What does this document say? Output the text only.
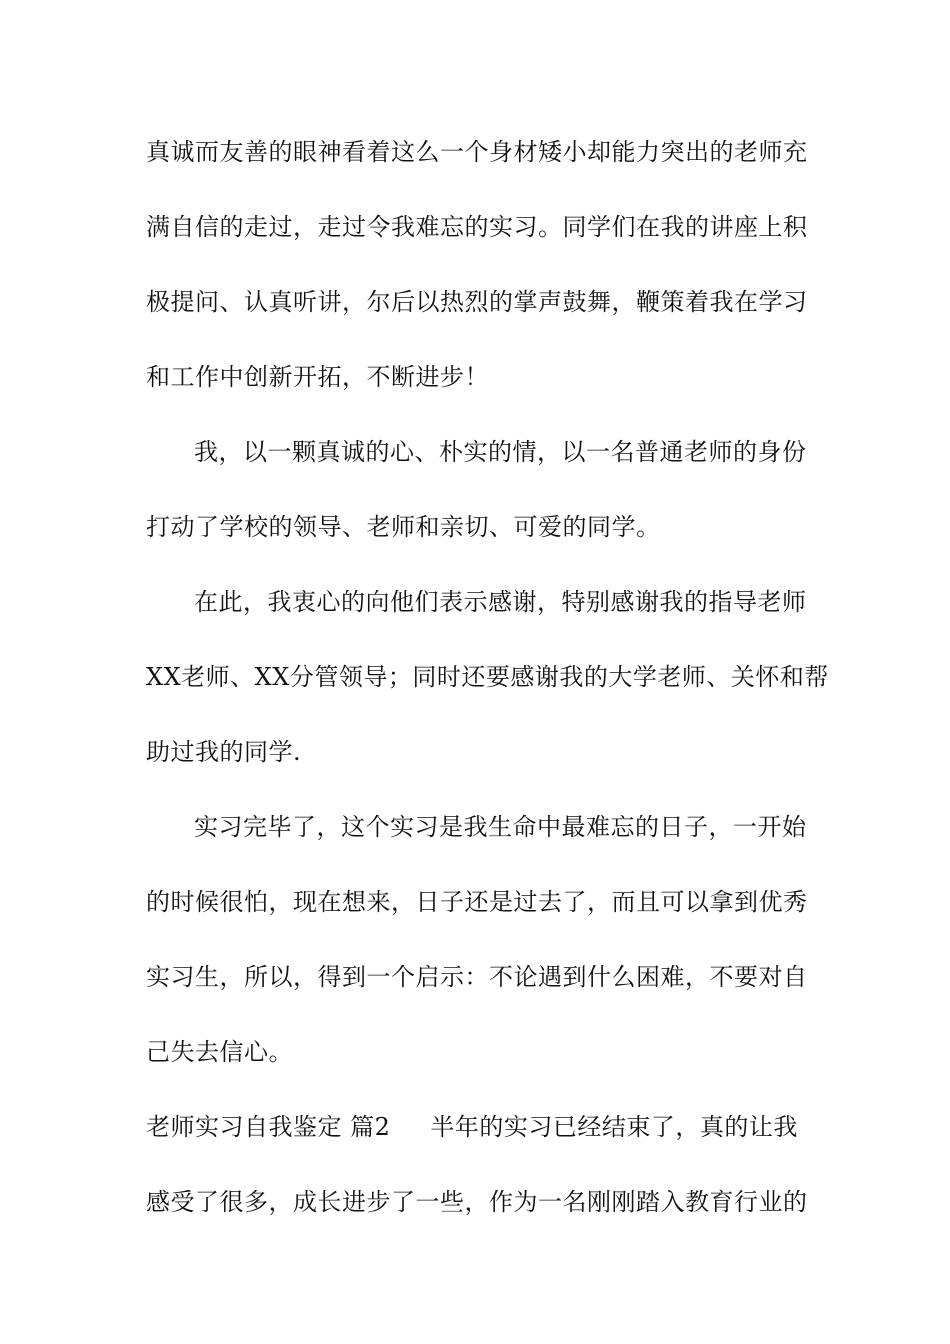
真诚而友善的眼神看着这么一个身材矮小却能力突出的老师充
满自信的走过，走过令我难忘的实习。同学们在我的讲座上积
极提问、认真听讲，尔后以热烈的掌声鼓舞，鞭策着我在学习
和工作中创新开拓，不断进步！
我，以一颗真诚的心、朴实的情，以一名普通老师的身份
打动了学校的领导、老师和亲切、可爱的同学。
在此，我衷心的向他们表示感谢，特别感谢我的指导老师
XX老师、XX分管领导；同时还要感谢我的大学老师、关怀和帮
助过我的同学.
实习完毕了，这个实习是我生命中最难忘的日子，一开始
的时候很怕，现在想来，日子还是过去了，而且可以拿到优秀
实习生，所以，得到一个启示：不论遇到什么困难，不要对自
己失去信心。
老师实习自我鉴定 篇2 半年的实习已经结束了，真的让我
感受了很多，成长进步了一些，作为一名刚刚踏入教育行业的
